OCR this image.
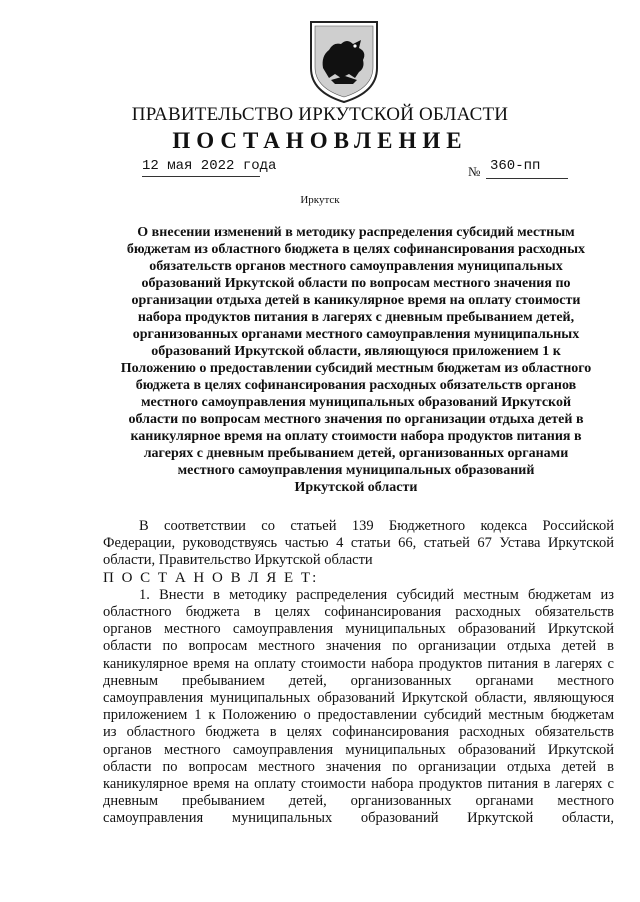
ПРАВИТЕЛЬСТВО ИРКУТСКОЙ ОБЛАСТИ
ПОСТАНОВЛЕНИЕ
12 мая 2022 года	№ 360-пп
Иркутск
О внесении изменений в методику распределения субсидий местным
бюджетам из областного бюджета в целях софинансирования расходных
обязательств органов местного самоуправления муниципальных
образований Иркутской области по вопросам местного значения по
организации отдыха детей в каникулярное время на оплату стоимости
набора продуктов питания в лагерях с дневным пребыванием детей,
организованных органами местного самоуправления муниципальных
образований Иркутской области, являющуюся приложением 1 к
Положению о предоставлении субсидий местным бюджетам из областного
бюджета в целях софинансирования расходных обязательств органов
местного самоуправления муниципальных образований Иркутской
области по вопросам местного значения по организации отдыха детей в
каникулярное время на оплату стоимости набора продуктов питания в
лагерях с дневным пребыванием детей, организованных органами
местного самоуправления муниципальных образований
Иркутской области
В соответствии со статьей 139 Бюджетного кодекса Российской
Федерации, руководствуясь частью 4 статьи 66, статьей 67 Устава Иркутской
области, Правительство Иркутской области
П О С Т А Н О В Л Я Е Т:
1. Внести в методику распределения субсидий местным бюджетам из
областного бюджета в целях софинансирования расходных обязательств
органов местного самоуправления муниципальных образований Иркутской
области по вопросам местного значения по организации отдыха детей в
каникулярное время на оплату стоимости набора продуктов питания в лагерях с
дневным пребыванием детей, организованных органами местного
самоуправления муниципальных образований Иркутской области, являющуюся
приложением 1 к Положению о предоставлении субсидий местным бюджетам
из областного бюджета в целях софинансирования расходных обязательств
органов местного самоуправления муниципальных образований Иркутской
области по вопросам местного значения по организации отдыха детей в
каникулярное время на оплату стоимости набора продуктов питания в лагерях с
дневным пребыванием детей, организованных органами местного
самоуправления муниципальных образований Иркутской области,
